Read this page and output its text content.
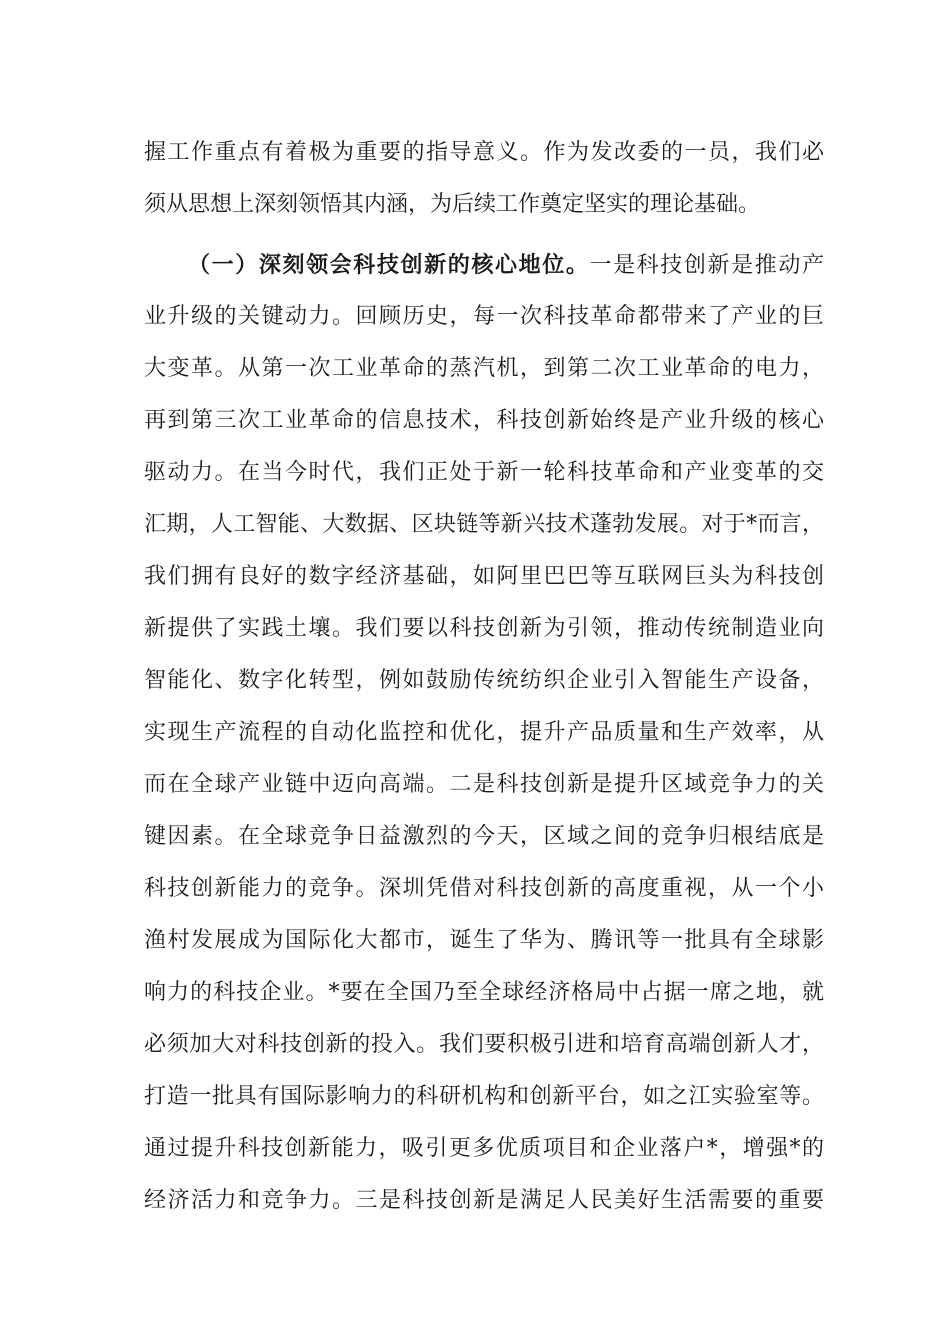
握工作重点有着极为重要的指导意义。作为发改委的一员，我们必
须从思想上深刻领悟其内涵，为后续工作奠定坚实的理论基础。
（一）深刻领会科技创新的核心地位。一是科技创新是推动产
业升级的关键动力。回顾历史，每一次科技革命都带来了产业的巨
大变革。从第一次工业革命的蒸汽机，到第二次工业革命的电力，
再到第三次工业革命的信息技术，科技创新始终是产业升级的核心
驱动力。在当今时代，我们正处于新一轮科技革命和产业变革的交
汇期，人工智能、大数据、区块链等新兴技术蓬勃发展。对于*而言，
我们拥有良好的数字经济基础，如阿里巴巴等互联网巨头为科技创
新提供了实践土壤。我们要以科技创新为引领，推动传统制造业向
智能化、数字化转型，例如鼓励传统纺织企业引入智能生产设备，
实现生产流程的自动化监控和优化，提升产品质量和生产效率，从
而在全球产业链中迈向高端。二是科技创新是提升区域竞争力的关
键因素。在全球竞争日益激烈的今天，区域之间的竞争归根结底是
科技创新能力的竞争。深圳凭借对科技创新的高度重视，从一个小
渔村发展成为国际化大都市，诞生了华为、腾讯等一批具有全球影
响力的科技企业。*要在全国乃至全球经济格局中占据一席之地，就
必须加大对科技创新的投入。我们要积极引进和培育高端创新人才，
打造一批具有国际影响力的科研机构和创新平台，如之江实验室等。
通过提升科技创新能力，吸引更多优质项目和企业落户*，增强*的
经济活力和竞争力。三是科技创新是满足人民美好生活需要的重要
